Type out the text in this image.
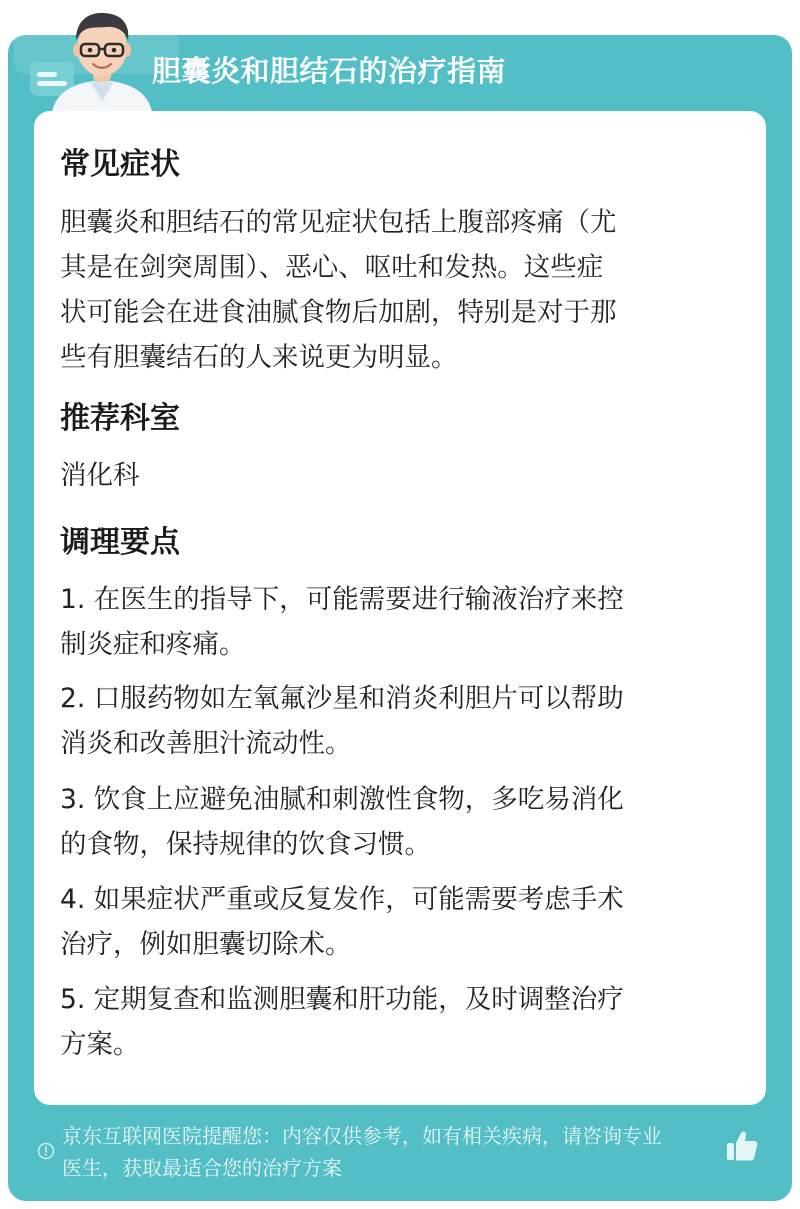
胆囊炎和胆结石的治疗指南
常见症状
胆囊炎和胆结石的常见症状包括上腹部疼痛（尤
其是在剑突周围）、恶心、呕吐和发热。这些症
状可能会在进食油腻食物后加剧，特别是对于那
些有胆囊结石的人来说更为明显。
推荐科室
消化科
调理要点
1. 在医生的指导下，可能需要进行输液治疗来控
制炎症和疼痛。
2. 口服药物如左氧氟沙星和消炎利胆片可以帮助
消炎和改善胆汁流动性。
3. 饮食上应避免油腻和刺激性食物，多吃易消化
的食物，保持规律的饮食习惯。
4. 如果症状严重或反复发作，可能需要考虑手术
治疗，例如胆囊切除术。
5. 定期复查和监测胆囊和肝功能，及时调整治疗
方案。
京东互联网医院提醒您：内容仅供参考，如有相关疾病，请咨询专业
医生，获取最适合您的治疗方案
